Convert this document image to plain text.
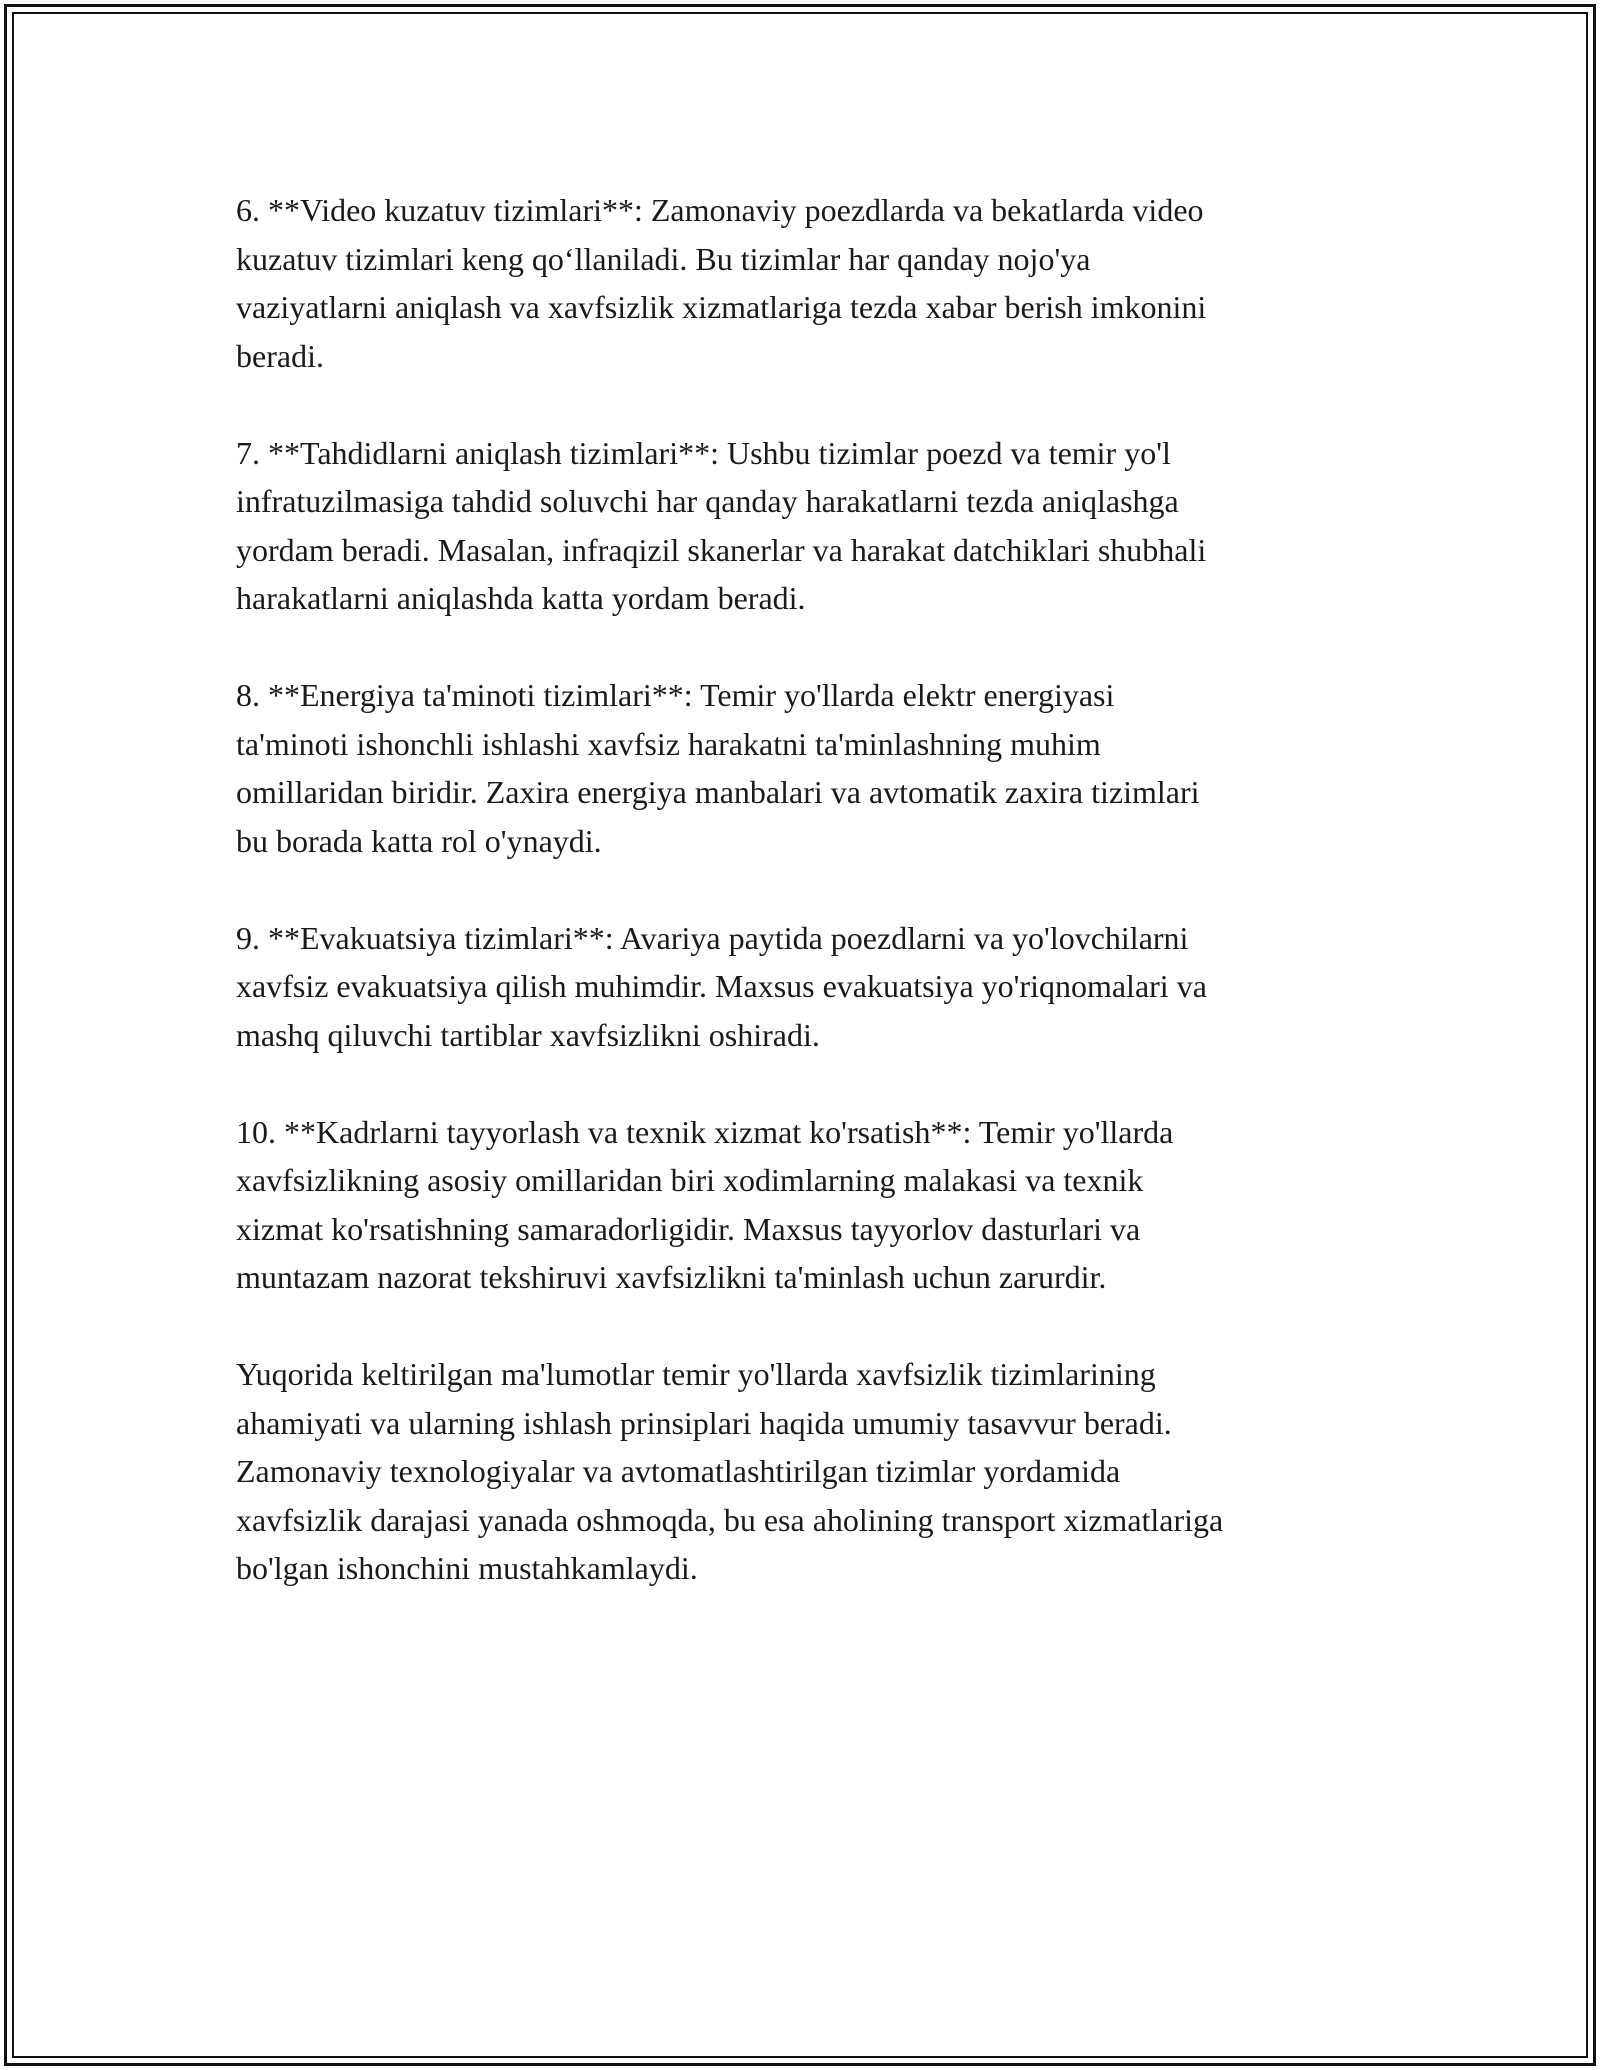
6. **Video kuzatuv tizimlari**: Zamonaviy poezdlarda va bekatlarda video
kuzatuv tizimlari keng qo‘llaniladi. Bu tizimlar har qanday nojo'ya
vaziyatlarni aniqlash va xavfsizlik xizmatlariga tezda xabar berish imkonini
beradi.

7. **Tahdidlarni aniqlash tizimlari**: Ushbu tizimlar poezd va temir yo'l
infratuzilmasiga tahdid soluvchi har qanday harakatlarni tezda aniqlashga
yordam beradi. Masalan, infraqizil skanerlar va harakat datchiklari shubhali
harakatlarni aniqlashda katta yordam beradi.

8. **Energiya ta'minoti tizimlari**: Temir yo'llarda elektr energiyasi
ta'minoti ishonchli ishlashi xavfsiz harakatni ta'minlashning muhim
omillaridan biridir. Zaxira energiya manbalari va avtomatik zaxira tizimlari
bu borada katta rol o'ynaydi.

9. **Evakuatsiya tizimlari**: Avariya paytida poezdlarni va yo'lovchilarni
xavfsiz evakuatsiya qilish muhimdir. Maxsus evakuatsiya yo'riqnomalari va
mashq qiluvchi tartiblar xavfsizlikni oshiradi.

10. **Kadrlarni tayyorlash va texnik xizmat ko'rsatish**: Temir yo'llarda
xavfsizlikning asosiy omillaridan biri xodimlarning malakasi va texnik
xizmat ko'rsatishning samaradorligidir. Maxsus tayyorlov dasturlari va
muntazam nazorat tekshiruvi xavfsizlikni ta'minlash uchun zarurdir.

Yuqorida keltirilgan ma'lumotlar temir yo'llarda xavfsizlik tizimlarining
ahamiyati va ularning ishlash prinsiplari haqida umumiy tasavvur beradi.
Zamonaviy texnologiyalar va avtomatlashtirilgan tizimlar yordamida
xavfsizlik darajasi yanada oshmoqda, bu esa aholining transport xizmatlariga
bo'lgan ishonchini mustahkamlaydi.
